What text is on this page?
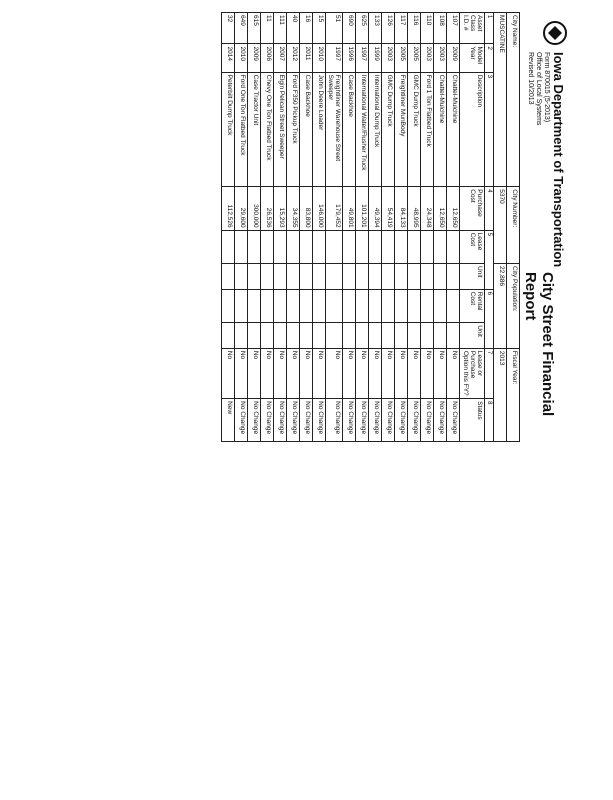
Iowa Department of Transportation
Form 870015 (5-2013)
Office of Local Systems
Revised 10/2013
City Street Financial Report
City Name:			City Number:		City Population:			Fiscal Year:	
MUSCATINE			5370		22,886			2013	
1	2	3	4	5		6		7	8
Asset Class I.D. #	Model Year	Description	Purchase Cost	Lease Cost	Unit	Rental Cost	Unit	Lease or Purchase Option this FY?	Status
107	2009	Chattel-Mulchine	12,650					No	No Change
108	2003	Chattel-Mulchine	12,650					No	No Change
110	2003	Ford 1 Ton Flatbed Truck	24,348					No	No Change
116	2005	GMC Dump Truck	48,995					No	No Change
117	2005	Freightliner MunBody	84,133					No	No Change
126	2003	GMC Dump Truck	54,419					No	No Change
133	1999	International Dump Truck	49,394					No	No Change
625	1997	International Water/Flusher Truck	101,201					No	No Change
690	1996	Case Backhoe	49,801					No	No Change
51	1997	Freightliner Warehouse Street Sweeper	179,452					No	No Change
15	2010	John Deere Loader	146,000					No	No Change
16	2011	Case Backhoe	83,800					No	No Change
40	2012	Ford F350 Pickup Truck	34,355					No	No Change
111	2007	Elgin Pelican Street Sweeper	15,293					No	No Change
11	2006	Chevy One Ton Flatbed Truck	26,536					No	No Change
615	2009	Case Tractor Unit	300,000					No	No Change
649	2010	Ford One Ton Flatbed Truck	29,600					No	No Change
32	2014	Peterbilt Dump Truck	112,526					No	New
